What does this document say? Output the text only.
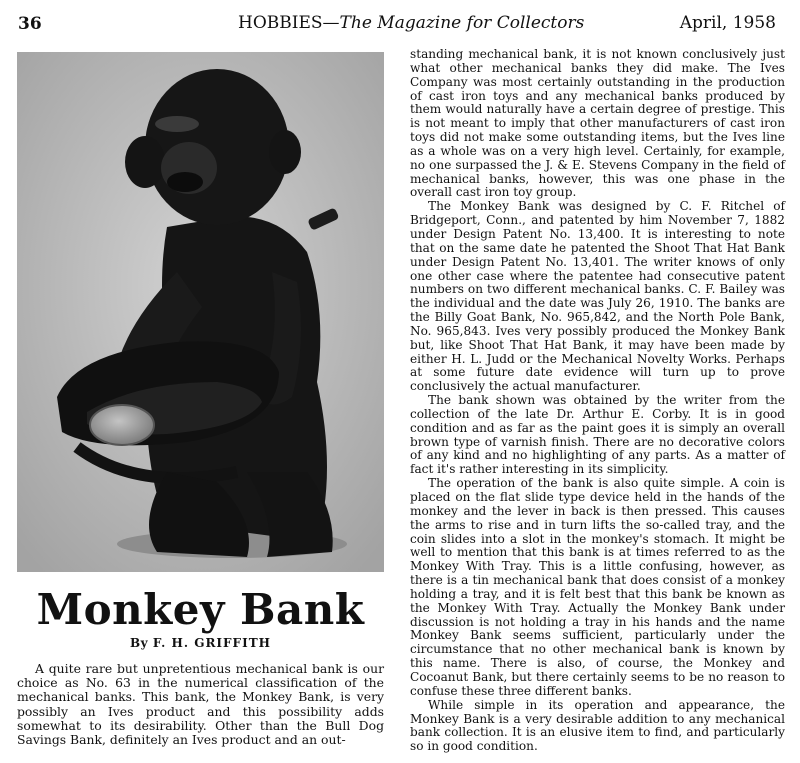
36	HOBBIES—The Magazine for Collectors	April, 1958
Monkey Bank
By F. H. GRIFFITH

A quite rare but unpretentious mechanical bank is our choice as No. 63 in the numerical classification of the mechanical banks. This bank, the Monkey Bank, is very possibly an Ives product and this possibility adds somewhat to its desirability. Other than the Bull Dog Savings Bank, definitely an Ives product and an out-

standing mechanical bank, it is not known conclusively just what other mechanical banks they did make. The Ives Company was most certainly outstanding in the production of cast iron toys and any mechanical banks produced by them would naturally have a certain degree of prestige. This is not meant to imply that other manufacturers of cast iron toys did not make some outstanding items, but the Ives line as a whole was on a very high level. Certainly, for example, no one surpassed the J. & E. Stevens Company in the field of mechanical banks, however, this was one phase in the overall cast iron toy group.

The Monkey Bank was designed by C. F. Ritchel of Bridgeport, Conn., and patented by him November 7, 1882 under Design Patent No. 13,400. It is interesting to note that on the same date he patented the Shoot That Hat Bank under Design Patent No. 13,401. The writer knows of only one other case where the patentee had consecutive patent numbers on two different mechanical banks. C. F. Bailey was the individual and the date was July 26, 1910. The banks are the Billy Goat Bank, No. 965,842, and the North Pole Bank, No. 965,843. Ives very possibly produced the Monkey Bank but, like Shoot That Hat Bank, it may have been made by either H. L. Judd or the Mechanical Novelty Works. Perhaps at some future date evidence will turn up to prove conclusively the actual manufacturer.

The bank shown was obtained by the writer from the collection of the late Dr. Arthur E. Corby. It is in good condition and as far as the paint goes it is simply an overall brown type of varnish finish. There are no decorative colors of any kind and no highlighting of any parts. As a matter of fact it's rather interesting in its simplicity.

The operation of the bank is also quite simple. A coin is placed on the flat slide type device held in the hands of the monkey and the lever in back is then pressed. This causes the arms to rise and in turn lifts the so-called tray, and the coin slides into a slot in the monkey's stomach. It might be well to mention that this bank is at times referred to as the Monkey With Tray. This is a little confusing, however, as there is a tin mechanical bank that does consist of a monkey holding a tray, and it is felt best that this bank be known as the Monkey With Tray. Actually the Monkey Bank under discussion is not holding a tray in his hands and the name Monkey Bank seems sufficient, particularly under the circumstance that no other mechanical bank is known by this name. There is also, of course, the Monkey and Cocoanut Bank, but there certainly seems to be no reason to confuse these three different banks.

While simple in its operation and appearance, the Monkey Bank is a very desirable addition to any mechanical bank collection. It is an elusive item to find, and particularly so in good condition.
